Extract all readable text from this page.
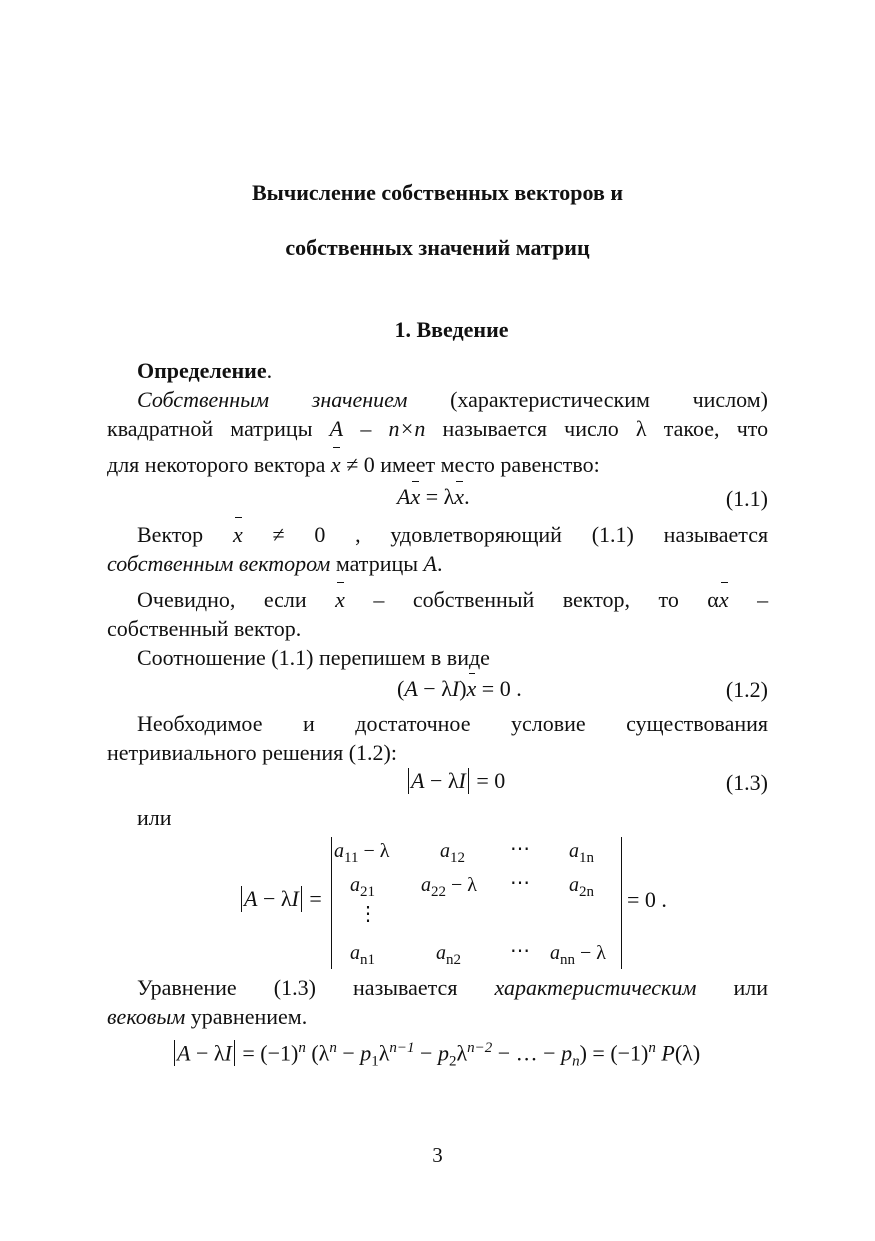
Вычисление собственных векторов и
собственных значений матриц
1. Введение
Определение.
Собственным значением (характеристическим числом)
квадратной матрицы A – n×n называется число λ такое, что
для некоторого вектора x ≠ 0 имеет место равенство:
Ax = λx.	(1.1)
Вектор x ≠ 0 , удовлетворяющий (1.1) называется
собственным вектором матрицы A.
Очевидно, если x – собственный вектор, то αx –
собственный вектор.
Соотношение (1.1) перепишем в виде
(A − λI)x = 0 .	(1.2)
Необходимое и достаточное условие существования
нетривиального решения (1.2):
A − λI = 0	(1.3)
или
A − λI =
$a_{11} - \lambda$	$a_{12}$ ⋯ $a_{1n}$
$a_{21}$ $a_{22} - \lambda$ ⋯ $a_{2n}$
⋮
$a_{n1}$	$a_{n2}$ ⋯ $a_{nn} - \lambda$
= 0 .
Уравнение (1.3) называется характеристическим или
вековым уравнением.
$A - \lambda I = (-1)^n$ ($\lambda^n - p_1\lambda^{n-1} - p_2\lambda^{n-2}$ − … − $p_n) = (-1)^n$ P(λ)
3
